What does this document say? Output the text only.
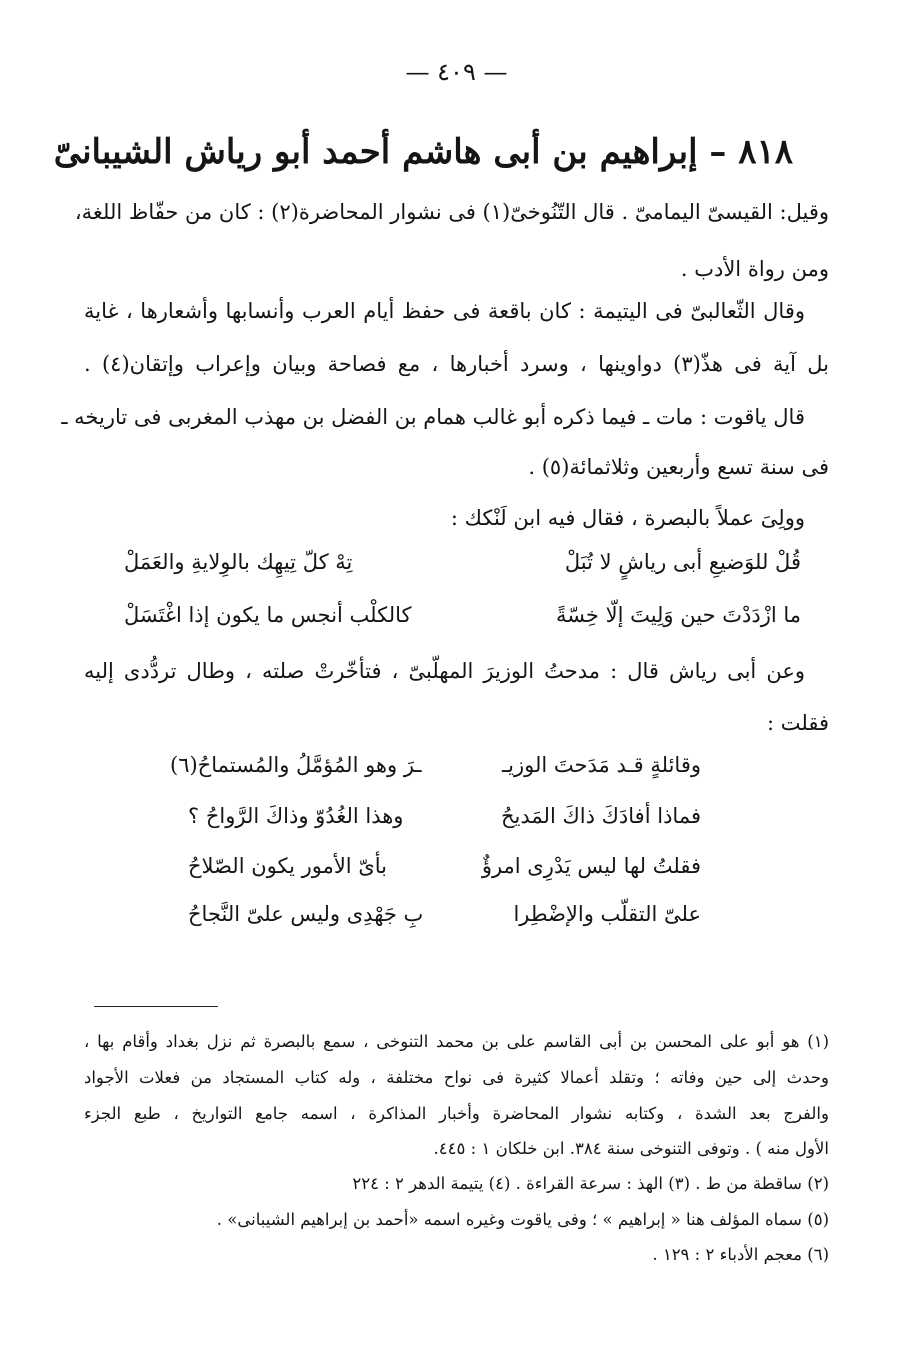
— ٤٠٩ —
٨١٨ – إبراهيم بن أبى هاشم أحمد أبو رياش الشيبانىّ
وقيل: القيسىّ اليمامىّ . قال التّنُوخىّ(١) فى نشوار المحاضرة(٢) : كان من حفّاظ اللغة،
ومن رواة الأدب .
وقال الثّعالبىّ فى اليتيمة : كان باقعة فى حفظ أيام العرب وأنسابها وأشعارها ، غاية
بل آية فى هذّ(٣) دواوينها ، وسرد أخبارها ، مع فصاحة وبيان وإعراب وإتقان(٤) .
قال ياقوت : مات ـ فيما ذكره أبو غالب همام بن الفضل بن مهذب المغربى فى تاريخه ـ
فى سنة تسع وأربعين وثلاثمائة(٥) .
وولِىَ عملاً بالبصرة ، فقال فيه ابن لَنْكك :
قُلْ للوَضيعِ أبى رياشٍ لا تُبَلْ
تِهْ كلّ تِيهِك بالوِلايةِ والعَمَلْ
ما ازْدَدْتَ حين وَلِيتَ إلّا خِسّةً
كالكلْب أنجس ما يكون إذا اغْتَسَلْ
وعن أبى رياش قال : مدحتُ الوزيرَ المهلّبىّ ، فتأخّرتْ صلته ، وطال تردُّدى إليه
فقلت :
وقائلةٍ قـد مَدَحتَ الوزيـ
ـرَ وهو المُؤمَّلُ والمُستماحُ(٦)
فماذا أفادَكَ ذاكَ المَديحُ
وهذا الغُدُوّ وذاكَ الرَّواحُ ؟
فقلتُ لها ليس يَدْرِى امرؤٌ
بأىّ الأمور يكون الصّلاحُ
علىّ التقلّب والإضْطِرا
بِ جَهْدِى وليس علىّ النَّجاحُ
(١) هو أبو على المحسن بن أبى القاسم على بن محمد التنوخى ، سمع بالبصرة ثم نزل بغداد وأقام بها ،
وحدث إلى حين وفاته ؛ وتقلد أعمالا كثيرة فى نواح مختلفة ، وله كتاب المستجاد من فعلات الأجواد
والفرج بعد الشدة ، وكتابه نشوار المحاضرة وأخبار المذاكرة ، اسمه جامع التواريخ ، طبع الجزء
الأول منه ) . وتوفى التنوخى سنة ٣٨٤. ابن خلكان ١ : ٤٤٥.
(٢) ساقطة من ط . (٣) الهذ : سرعة القراءة . (٤) يتيمة الدهر ٢ : ٢٢٤
(٥) سماه المؤلف هنا « إبراهيم » ؛ وفى ياقوت وغيره اسمه «أحمد بن إبراهيم الشيبانى» .
(٦) معجم الأدباء ٢ : ١٢٩ .
